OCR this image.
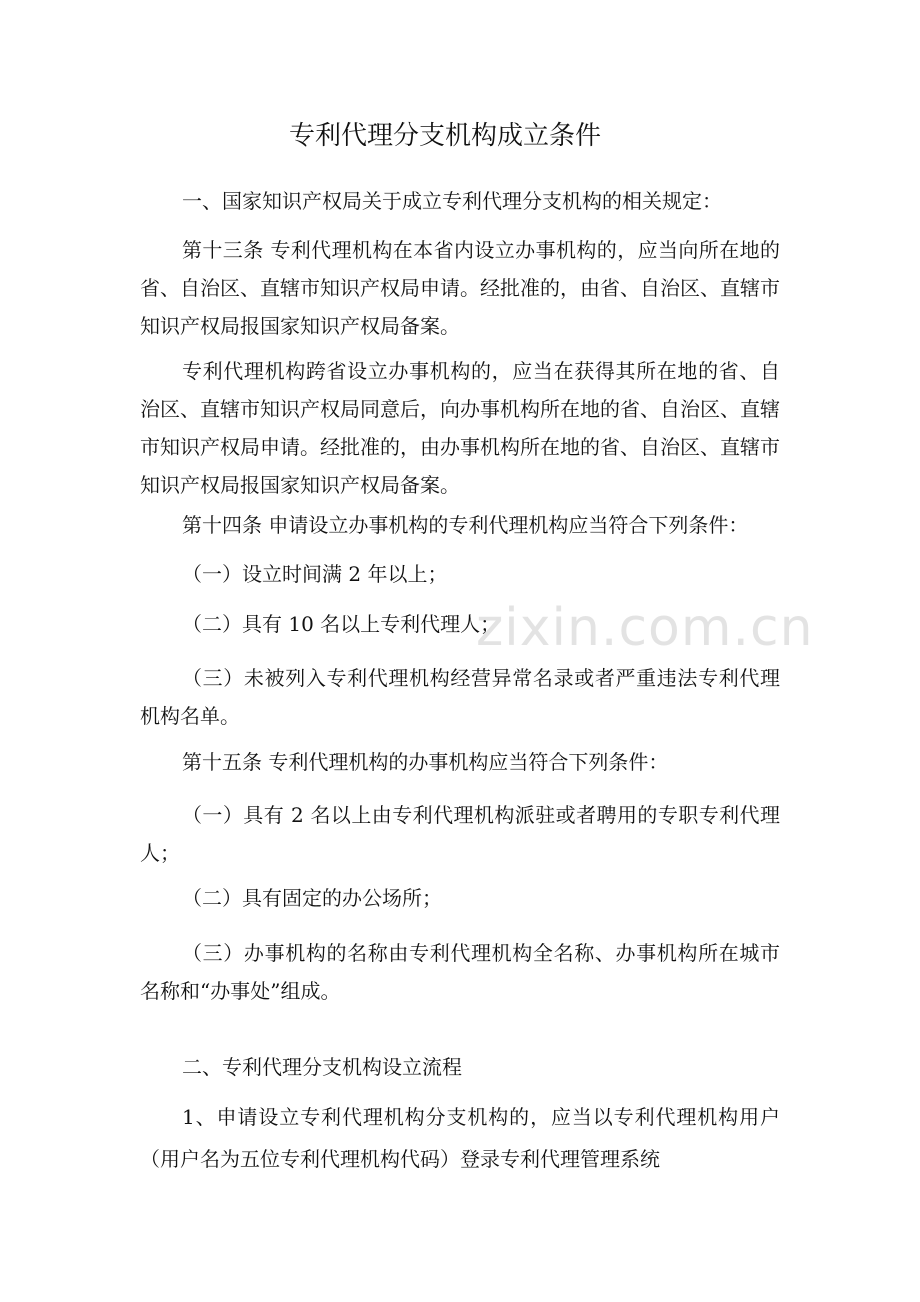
专利代理分支机构成立条件

一、国家知识产权局关于成立专利代理分支机构的相关规定：

第十三条 专利代理机构在本省内设立办事机构的，应当向所在地的省、自治区、直辖市知识产权局申请。经批准的，由省、自治区、直辖市知识产权局报国家知识产权局备案。

专利代理机构跨省设立办事机构的，应当在获得其所在地的省、自治区、直辖市知识产权局同意后，向办事机构所在地的省、自治区、直辖市知识产权局申请。经批准的，由办事机构所在地的省、自治区、直辖市知识产权局报国家知识产权局备案。

第十四条 申请设立办事机构的专利代理机构应当符合下列条件：

（一）设立时间满 2 年以上；

（二）具有 10 名以上专利代理人；

（三）未被列入专利代理机构经营异常名录或者严重违法专利代理机构名单。

第十五条 专利代理机构的办事机构应当符合下列条件：

（一）具有 2 名以上由专利代理机构派驻或者聘用的专职专利代理人；

（二）具有固定的办公场所；

（三）办事机构的名称由专利代理机构全名称、办事机构所在城市名称和“办事处”组成。

二、专利代理分支机构设立流程

1、申请设立专利代理机构分支机构的，应当以专利代理机构用户（用户名为五位专利代理机构代码）登录专利代理管理系统

zixin.com.cn
